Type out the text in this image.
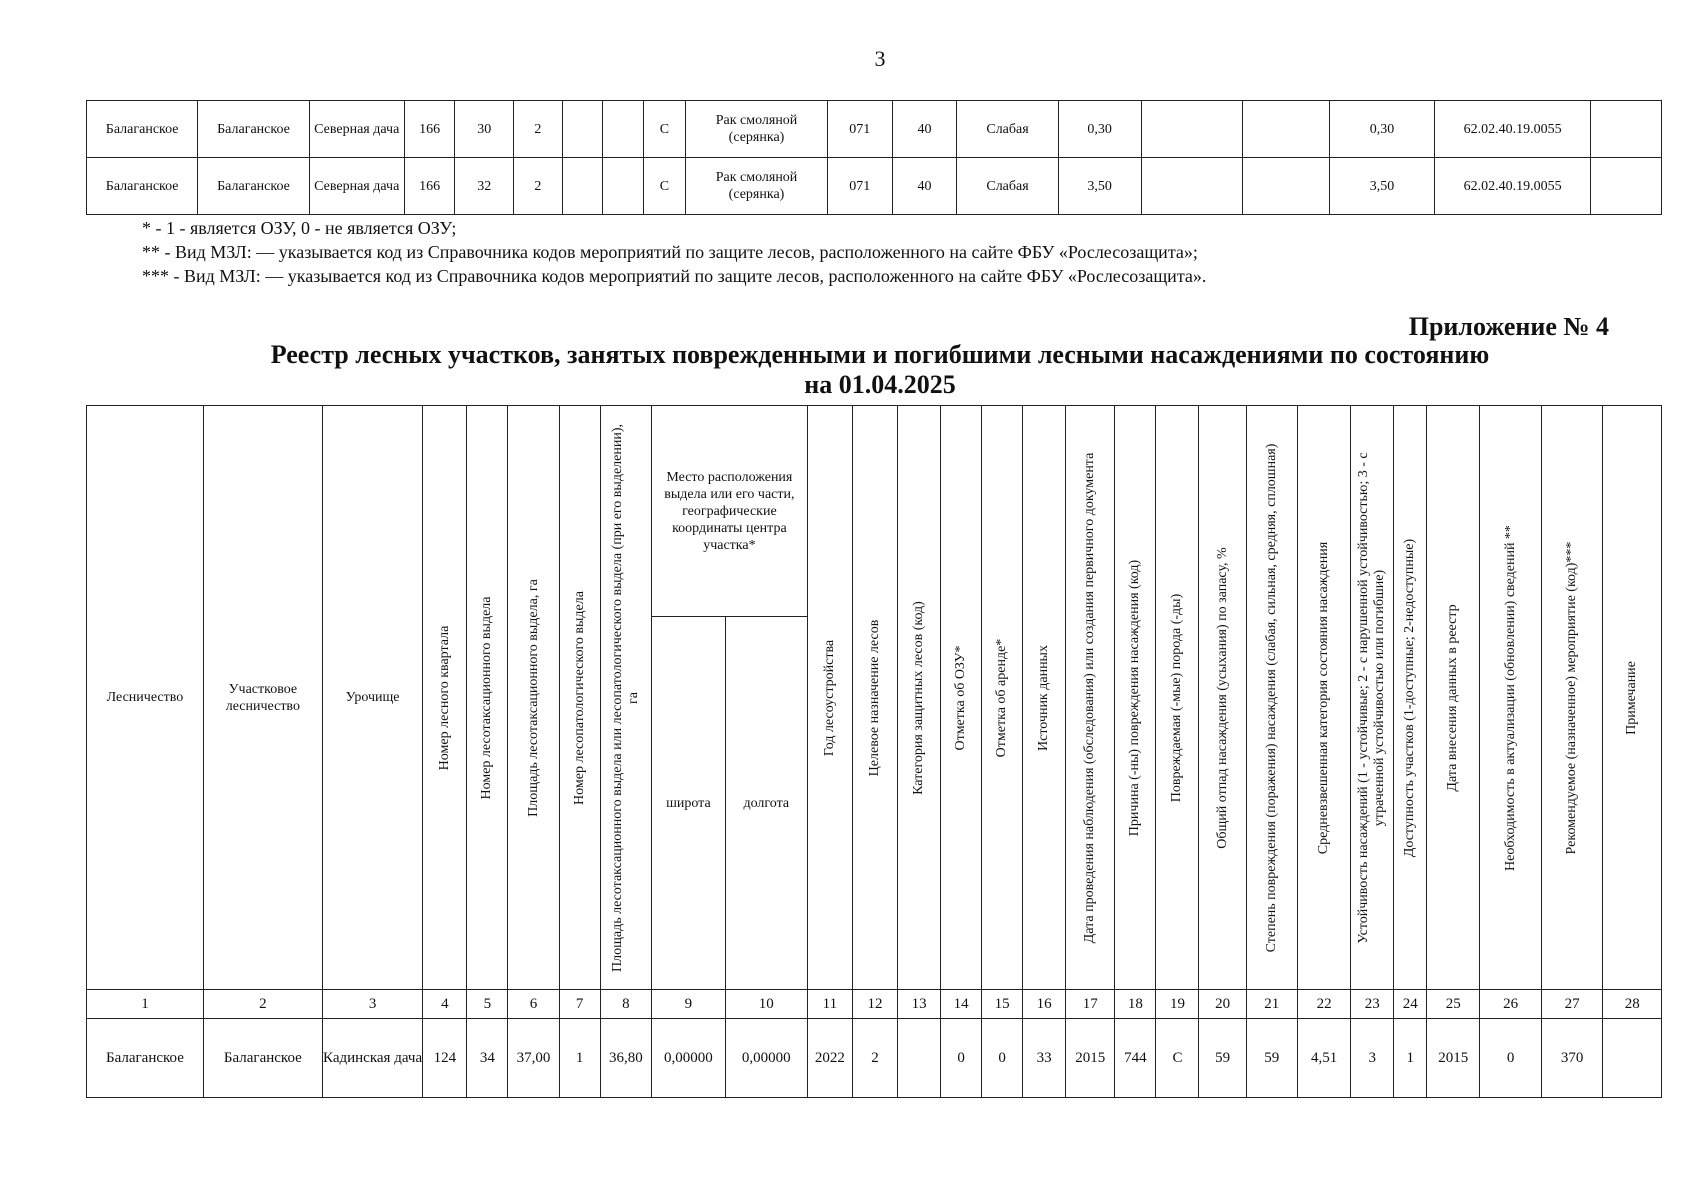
3
Балаганское	Балаганское	Северная дача	166	30	2			С	Рак смоляной (серянка)	071	40	Слабая	0,30			0,30	62.02.40.19.0055	
Балаганское	Балаганское	Северная дача	166	32	2			С	Рак смоляной (серянка)	071	40	Слабая	3,50			3,50	62.02.40.19.0055	
* - 1 - является ОЗУ, 0 - не является ОЗУ;
** - Вид МЗЛ: — указывается код из Справочника кодов мероприятий по защите лесов, расположенного на сайте ФБУ «Рослесозащита»;
*** - Вид МЗЛ: — указывается код из Справочника кодов мероприятий по защите лесов, расположенного на сайте ФБУ «Рослесозащита».
Приложение № 4
Реестр лесных участков, занятых поврежденными и погибшими лесными насаждениями по состоянию
на 01.04.2025
Лесничество	Участковое лесничество	Урочище	Номер лесного квартала	Номер лесотаксационного выдела	Площадь лесотаксационного выдела, га	Номер лесопатологического выдела	Площадь лесотаксационного выдела или лесопатологического выдела (при его выделении), га	Место расположения выдела или его части, географические координаты центра участка*		Год лесоустройства	Целевое назначение лесов	Категория защитных лесов (код)	Отметка об ОЗУ*	Отметка об аренде*	Источник данных	Дата проведения наблюдения (обследования) или создания первичного документа	Причина (-ны) повреждения насаждения (код)	Повреждаемая (-мые) порода (-ды)	Общий отпад насаждения (усыхания) по запасу, %	Степень повреждения (поражения) насаждения (слабая, сильная, средняя, сплошная)	Средневзвешенная категория состояния насаждения	Устойчивость насаждений (1 - устойчивые; 2 - с нарушенной устойчивостью; 3 - с утраченной устойчивостью или погибшие)	Доступность участков (1-доступные; 2-недоступные)	Дата внесения данных в реестр	Необходимость в актуализации (обновлении) сведений **	Рекомендуемое (назначенное) мероприятие (код)***	Примечание

								широта	долгота																		
1	2	3	4	5	6	7	8	9	10	11	12	13	14	15	16	17	18	19	20	21	22	23	24	25	26	27	28
Балаганское	Балаганское	Кадинская дача	124	34	37,00	1	36,80	0,00000	0,00000	2022	2		0	0	33	2015	744	С	59	59	4,51	3	1	2015	0	370	
